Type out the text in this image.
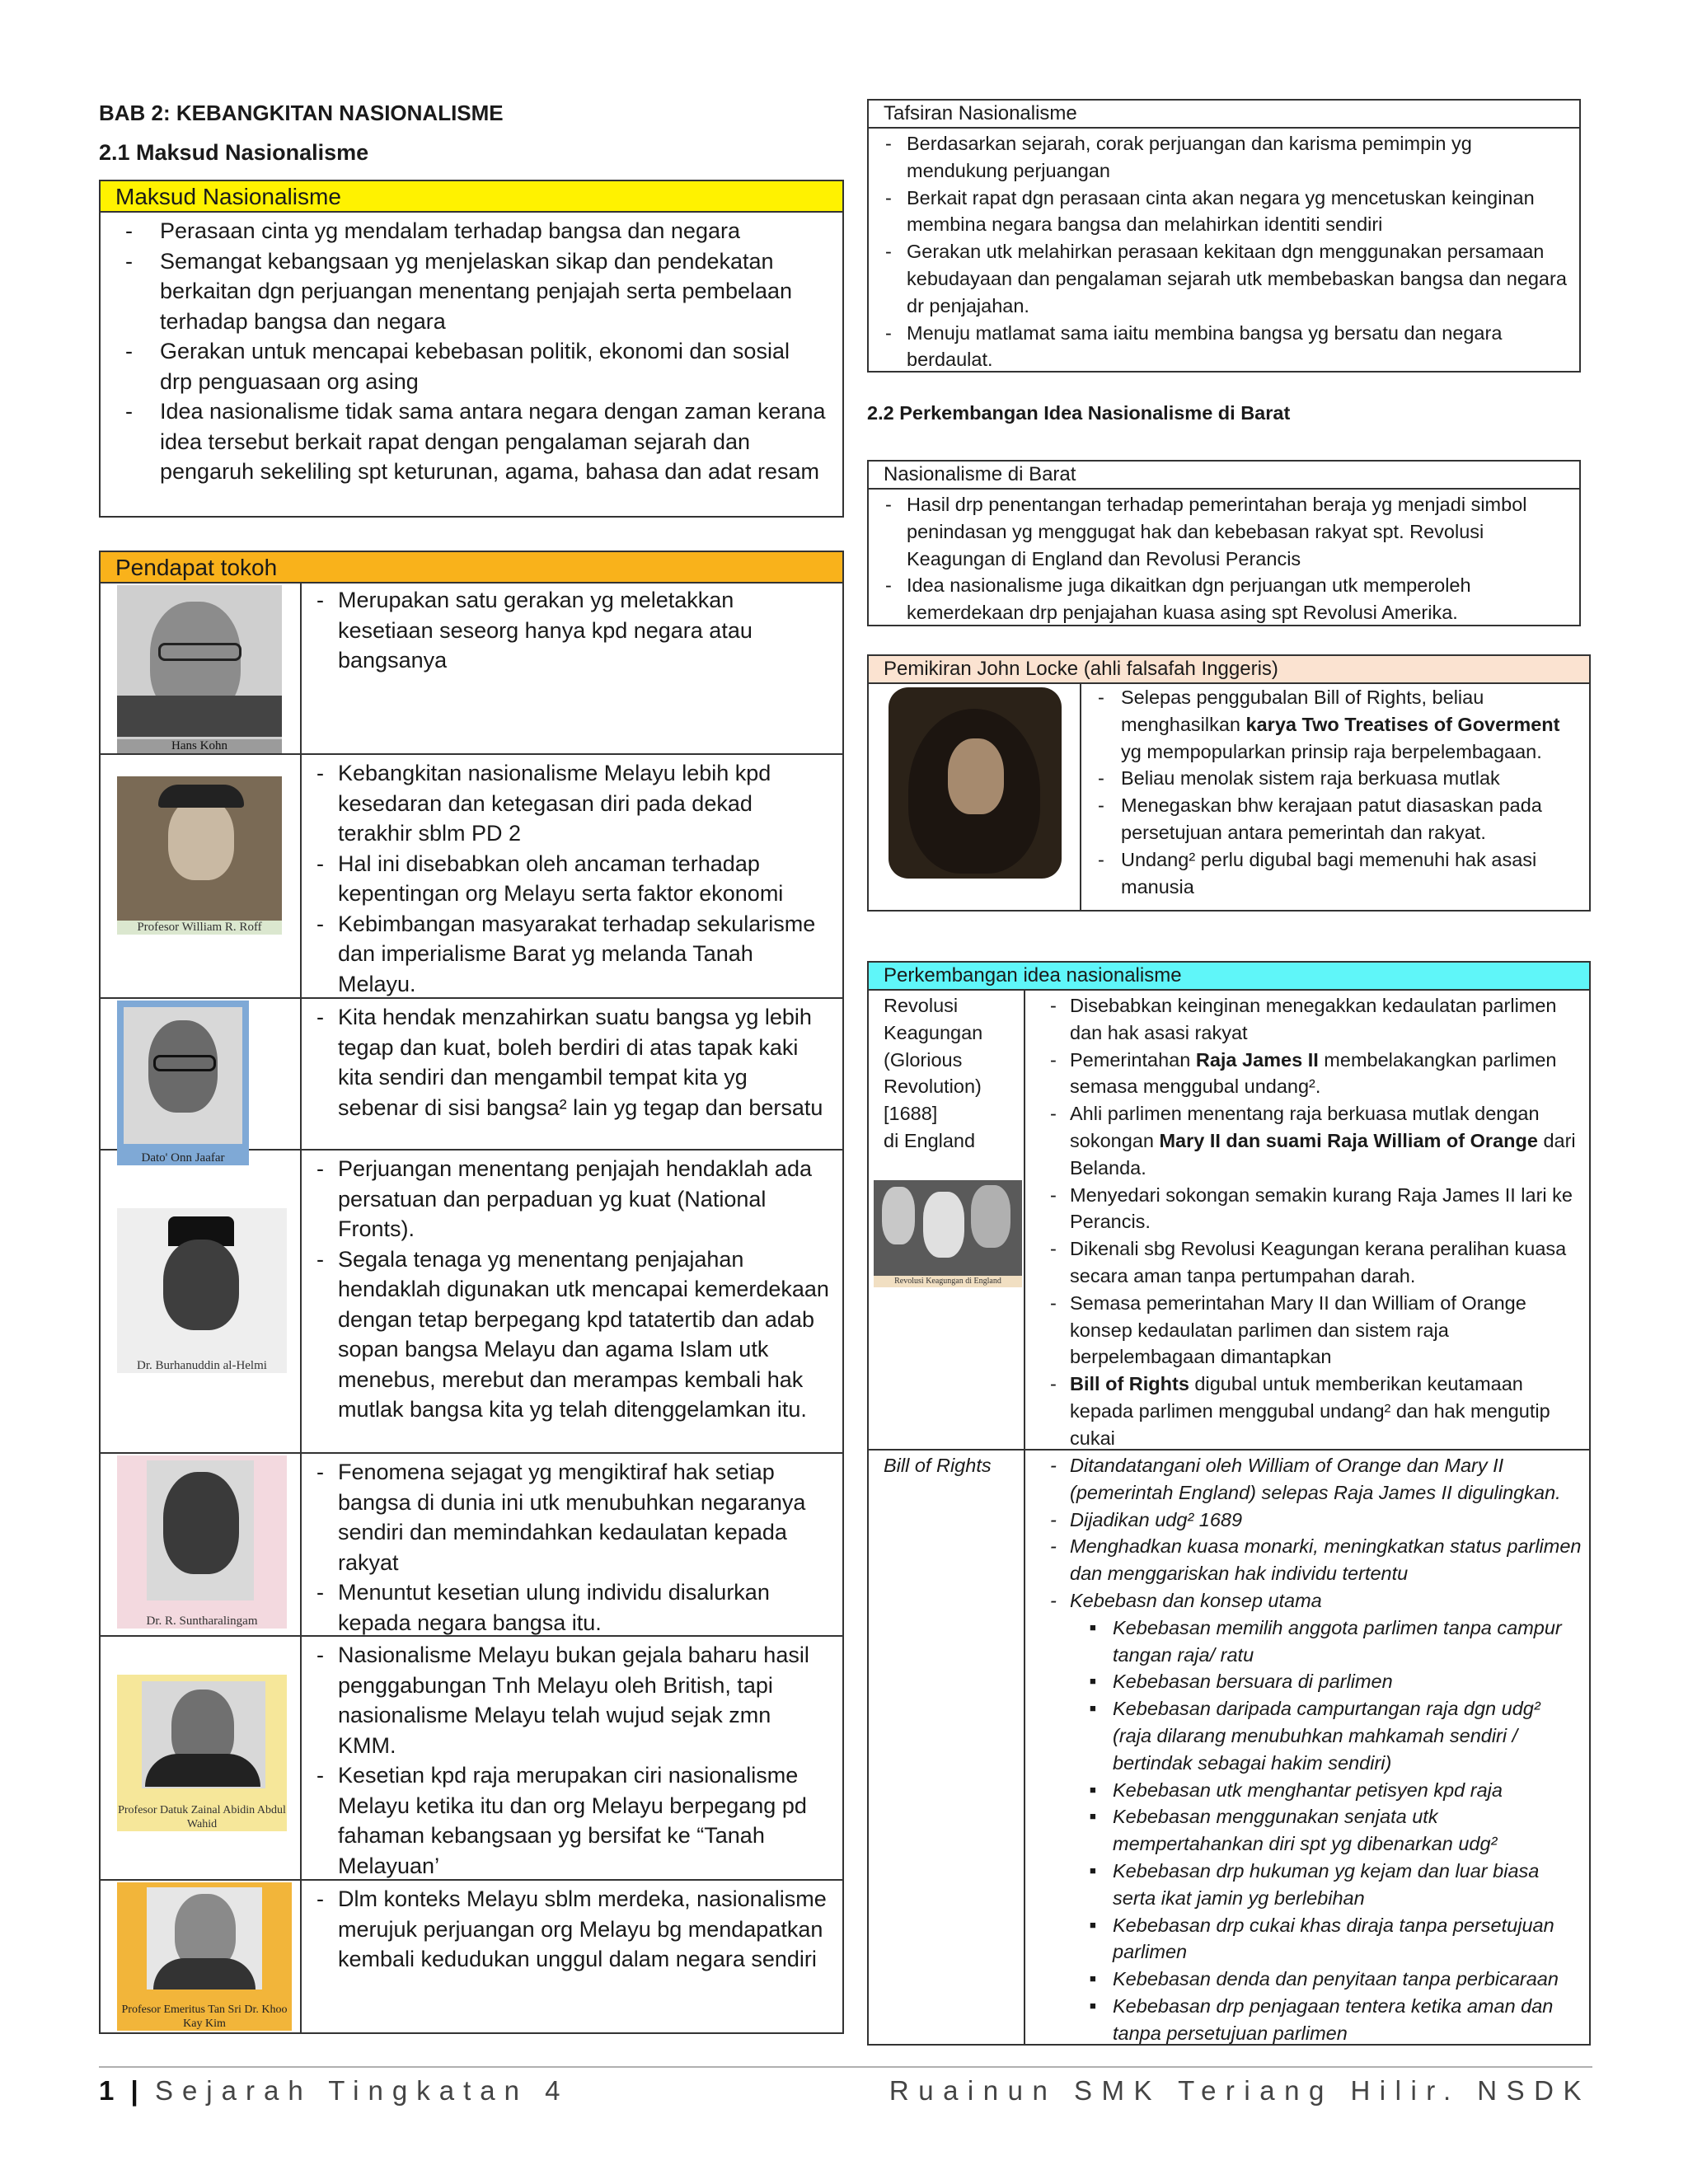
BAB 2: KEBANGKITAN NASIONALISME
2.1 Maksud Nasionalisme
Maksud Nasionalisme
- Perasaan cinta yg mendalam terhadap bangsa dan negara
- Semangat kebangsaan yg menjelaskan sikap dan pendekatan berkaitan dgn perjuangan menentang penjajah serta pembelaan terhadap bangsa dan negara
- Gerakan untuk mencapai kebebasan politik, ekonomi dan sosial drp penguasaan org asing
- Idea nasionalisme tidak sama antara negara dengan zaman kerana idea tersebut berkait rapat dengan pengalaman sejarah dan pengaruh sekeliling spt keturunan, agama, bahasa dan adat resam
Pendapat tokoh
Hans Kohn
- Merupakan satu gerakan yg meletakkan kesetiaan seseorg hanya kpd negara atau bangsanya
Profesor William R. Roff
- Kebangkitan nasionalisme Melayu lebih kpd kesedaran dan ketegasan diri pada dekad terakhir sblm PD 2
- Hal ini disebabkan oleh ancaman terhadap kepentingan org Melayu serta faktor ekonomi
- Kebimbangan masyarakat terhadap sekularisme dan imperialisme Barat yg melanda Tanah Melayu.
Dato' Onn Jaafar
- Kita hendak menzahirkan suatu bangsa yg lebih tegap dan kuat, boleh berdiri di atas tapak kaki kita sendiri dan mengambil tempat kita yg sebenar di sisi bangsa² lain yg tegap dan bersatu
Dr. Burhanuddin al-Helmi
- Perjuangan menentang penjajah hendaklah ada persatuan dan perpaduan yg kuat (National Fronts).
- Segala tenaga yg menentang penjajahan hendaklah digunakan utk mencapai kemerdekaan dengan tetap berpegang kpd tatatertib dan adab sopan bangsa Melayu dan agama Islam utk menebus, merebut dan merampas kembali hak mutlak bangsa kita yg telah ditenggelamkan itu.
Dr. R. Suntharalingam
- Fenomena sejagat yg mengiktiraf hak setiap bangsa di dunia ini utk menubuhkan negaranya sendiri dan memindahkan kedaulatan kepada rakyat
- Menuntut kesetian ulung individu disalurkan kepada negara bangsa itu.
Profesor Datuk Zainal Abidin Abdul Wahid
- Nasionalisme Melayu bukan gejala baharu hasil penggabungan Tnh Melayu oleh British, tapi nasionalisme Melayu telah wujud sejak zmn KMM.
- Kesetian kpd raja merupakan ciri nasionalisme Melayu ketika itu dan org Melayu berpegang pd fahaman kebangsaan yg bersifat ke “Tanah Melayuan’
Profesor Emeritus Tan Sri Dr. Khoo Kay Kim
- Dlm konteks Melayu sblm merdeka, nasionalisme merujuk perjuangan org Melayu bg mendapatkan kembali kedudukan unggul dalam negara sendiri
Tafsiran Nasionalisme
- Berdasarkan sejarah, corak perjuangan dan karisma pemimpin yg mendukung perjuangan
- Berkait rapat dgn perasaan cinta akan negara yg mencetuskan keinginan membina negara bangsa dan melahirkan identiti sendiri
- Gerakan utk melahirkan perasaan kekitaan dgn menggunakan persamaan kebudayaan dan pengalaman sejarah utk membebaskan bangsa dan negara dr penjajahan.
- Menuju matlamat sama iaitu membina bangsa yg bersatu dan negara berdaulat.
2.2 Perkembangan Idea Nasionalisme di Barat
Nasionalisme di Barat
- Hasil drp penentangan terhadap pemerintahan beraja yg menjadi simbol penindasan yg menggugat hak dan kebebasan rakyat spt. Revolusi Keagungan di England dan Revolusi Perancis
- Idea nasionalisme juga dikaitkan dgn perjuangan utk memperoleh kemerdekaan drp penjajahan kuasa asing spt Revolusi Amerika.
Pemikiran John Locke (ahli falsafah Inggeris)
- Selepas penggubalan Bill of Rights, beliau menghasilkan karya Two Treatises of Goverment yg mempopularkan prinsip raja berpelembagaan.
- Beliau menolak sistem raja berkuasa mutlak
- Menegaskan bhw kerajaan patut diasaskan pada persetujuan antara pemerintah dan rakyat.
- Undang² perlu digubal bagi memenuhi hak asasi manusia
Perkembangan idea nasionalisme
Revolusi
Keagungan
(Glorious
Revolution)
[1688]
di England
Revolusi Keagungan di England
- Disebabkan keinginan menegakkan kedaulatan parlimen dan hak asasi rakyat
- Pemerintahan Raja James II membelakangkan parlimen semasa menggubal undang².
- Ahli parlimen menentang raja berkuasa mutlak dengan sokongan Mary II dan suami Raja William of Orange dari Belanda.
- Menyedari sokongan semakin kurang Raja James II lari ke Perancis.
- Dikenali sbg Revolusi Keagungan kerana peralihan kuasa secara aman tanpa pertumpahan darah.
- Semasa pemerintahan Mary II dan William of Orange konsep kedaulatan parlimen dan sistem raja berpelembagaan dimantapkan
- Bill of Rights digubal untuk memberikan keutamaan kepada parlimen menggubal undang² dan hak mengutip cukai
Bill of Rights
-	Ditandatangani oleh William of Orange dan Mary II (pemerintah England) selepas Raja James II digulingkan.
- Dijadikan udg² 1689
- Menghadkan kuasa monarki, meningkatkan status parlimen dan menggariskan hak individu tertentu
- Kebebasn dan konsep utama
■ Kebebasan memilih anggota parlimen tanpa campur tangan raja/ ratu
■ Kebebasan bersuara di parlimen
■ Kebebasan daripada campurtangan raja dgn udg² (raja dilarang menubuhkan mahkamah sendiri / bertindak sebagai hakim sendiri)
■ Kebebasan utk menghantar petisyen kpd raja
■ Kebebasan menggunakan senjata utk mempertahankan diri spt yg dibenarkan udg²
■ Kebebasan drp hukuman yg kejam dan luar biasa serta ikat jamin yg berlebihan
■ Kebebasan drp cukai khas diraja tanpa persetujuan parlimen
■ Kebebasan denda dan penyitaan tanpa perbicaraan
■ Kebebasan drp penjagaan tentera ketika aman dan tanpa persetujuan parlimen
1 | Sejarah Tingkatan 4	Ruainun SMK Teriang Hilir. NSDK
